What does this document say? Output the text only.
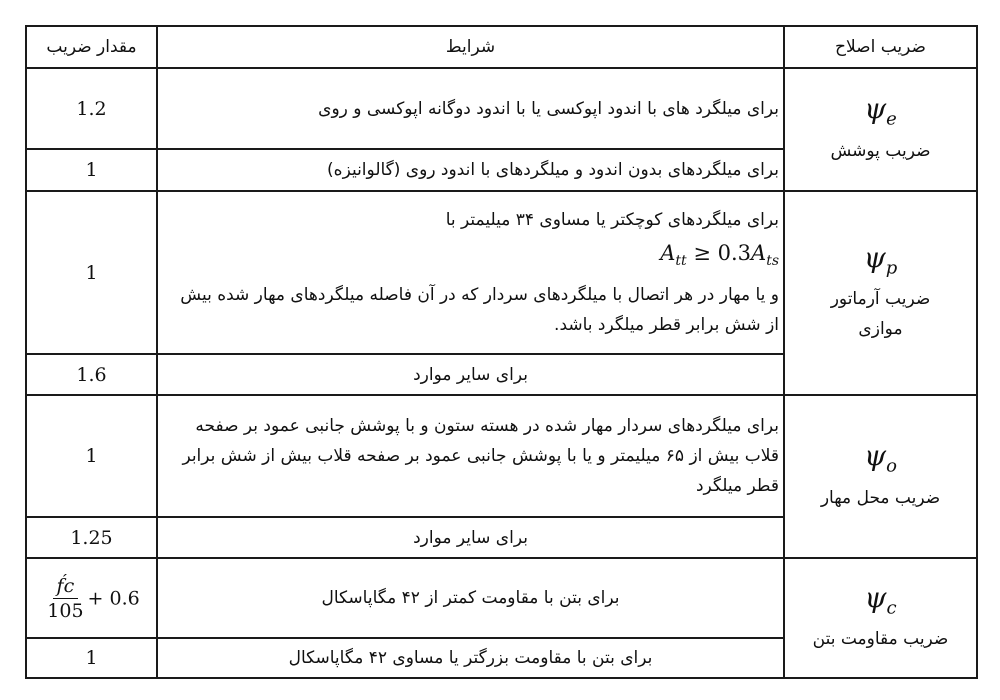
مقدار ضریب	شرایط	ضریب اصلاح
1.2	برای میلگرد های با اندود اپوکسی یا با اندود دوگانه اپوکسی و روی	$\psi_e$
ضریب پوشش
1	برای میلگردهای بدون اندود و میلگردهای با اندود روی (گالوانیزه)	
1	برای میلگردهای کوچکتر یا مساوی ۳۴ میلیمتر با
$A_{tt} \ge 0.3A_{ts}$
و یا مهار در هر اتصال با میلگردهای سردار که در آن فاصله میلگردهای مهار شده بیش از شش برابر قطر میلگرد باشد.	$\psi_p$
ضریب آرماتور
موازی
1.6	برای سایر موارد	
1	برای میلگردهای سردار مهار شده در هسته ستون و با پوشش جانبی عمود بر صفحه قلاب بیش از ۶۵ میلیمتر و یا با پوشش جانبی عمود بر صفحه قلاب بیش از شش برابر قطر میلگرد	$\psi_o$
ضریب محل مهار
1.25	برای سایر موارد	

$\frac{f́c}{105} + 0.6$	برای بتن با مقاومت کمتر از ۴۲ مگاپاسکال	$\psi_c$
ضریب مقاومت بتن
1	برای بتن با مقاومت بزرگتر یا مساوی ۴۲ مگاپاسکال	
